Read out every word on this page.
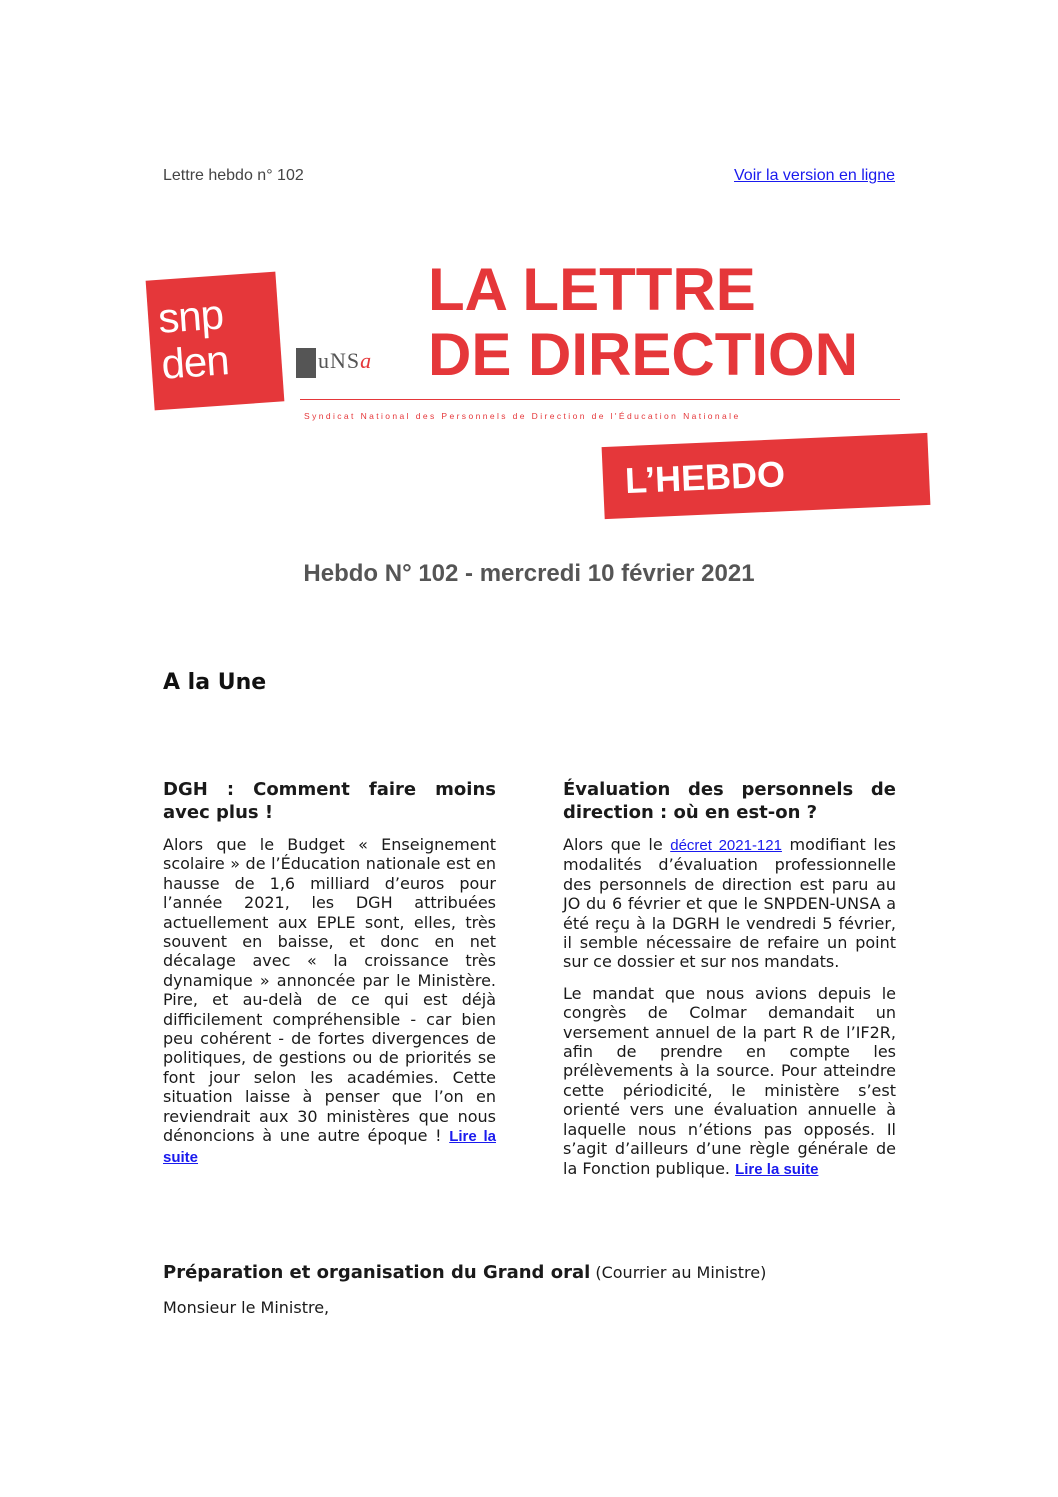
Lettre hebdo n° 102	Voir la version en ligne
snp
den	uNSa
LA LETTRE
DE DIRECTION
Syndicat National des Personnels de Direction de l'Éducation Nationale
L’HEBDO
Hebdo N° 102 - mercredi 10 février 2021
A la Une
DGH : Comment faire moins avec plus !

Alors que le Budget « Enseignement scolaire » de l’Éducation nationale est en hausse de 1,6 milliard d’euros pour l’année 2021, les DGH attribuées actuellement aux EPLE sont, elles, très souvent en baisse, et donc en net décalage avec « la croissance très dynamique » annoncée par le Ministère. Pire, et au-delà de ce qui est déjà difficilement compréhensible - car bien peu cohérent - de fortes divergences de politiques, de gestions ou de priorités se font jour selon les académies. Cette situation laisse à penser que l’on en reviendrait aux 30 ministères que nous dénoncions à une autre époque ! Lire la suite

Évaluation des personnels de direction : où en est-on ?

Alors que le décret 2021-121 modifiant les modalités d’évaluation professionnelle des personnels de direction est paru au JO du 6 février et que le SNPDEN-UNSA a été reçu à la DGRH le vendredi 5 février, il semble nécessaire de refaire un point sur ce dossier et sur nos mandats.

Le mandat que nous avions depuis le congrès de Colmar demandait un versement annuel de la part R de l’IF2R, afin de prendre en compte les prélèvements à la source. Pour atteindre cette périodicité, le ministère s’est orienté vers une évaluation annuelle à laquelle nous n’étions pas opposés. Il s’agit d’ailleurs d’une règle générale de la Fonction publique. Lire la suite

Préparation et organisation du Grand oral (Courrier au Ministre)
Monsieur le Ministre,
